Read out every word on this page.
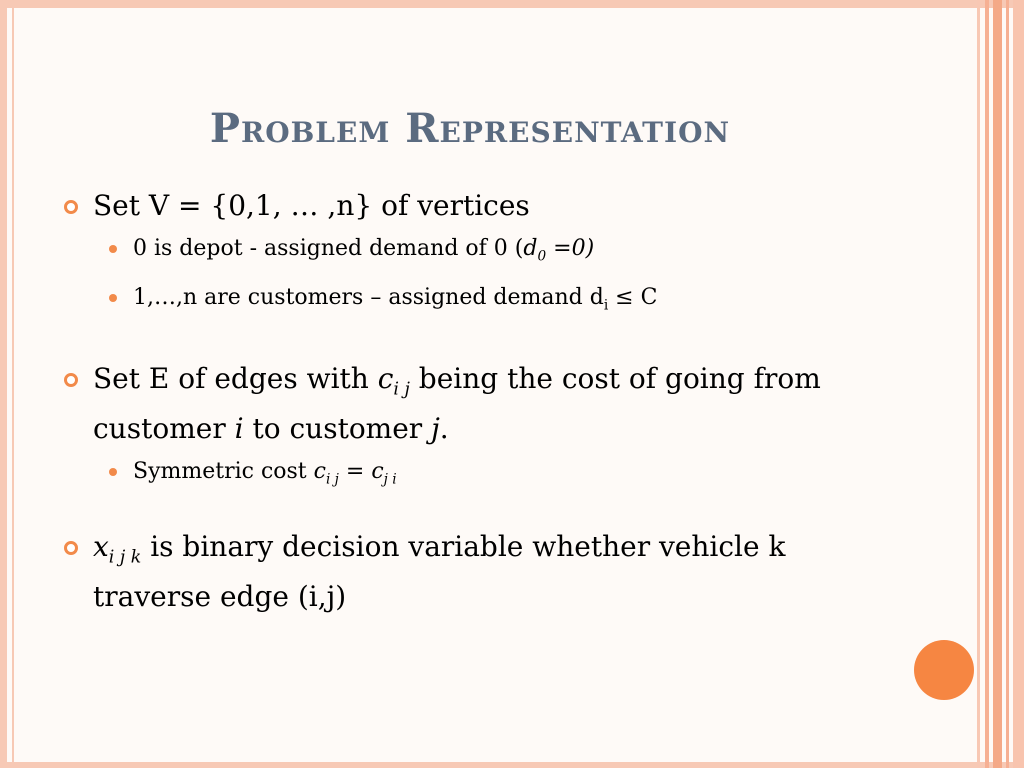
Problem Representation
Set V = {0,1, … ,n} of vertices
0 is depot - assigned demand of 0 $(d_0 =0)$
1,…,n are customers – assigned demand $d_i \le C$
Set E of edges with $c_{i j}$ being the cost of going from customer i to customer j.
Symmetric cost $c_{i j} = c_{j i}$
$x_{i j k}$ is binary decision variable whether vehicle k traverse edge (i,j)
